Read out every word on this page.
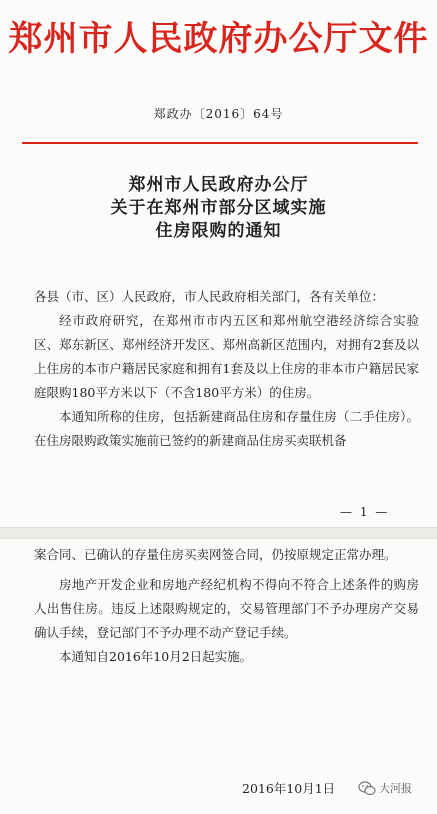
郑州市人民政府办公厅文件
郑政办〔2016〕64号
郑州市人民政府办公厅
关于在郑州市部分区域实施
住房限购的通知

各县（市、区）人民政府，市人民政府相关部门，各有关单位：

经市政府研究，在郑州市市内五区和郑州航空港经济综合实验区、郑东新区、郑州经济开发区、郑州高新区范围内，对拥有2套及以上住房的本市户籍居民家庭和拥有1套及以上住房的非本市户籍居民家庭限购180平方米以下（不含180平方米）的住房。

本通知所称的住房，包括新建商品住房和存量住房（二手住房）。在住房限购政策实施前已签约的新建商品住房买卖联机备

— 1 —

案合同、已确认的存量住房买卖网签合同，仍按原规定正常办理。

房地产开发企业和房地产经纪机构不得向不符合上述条件的购房人出售住房。违反上述限购规定的，交易管理部门不予办理房产交易确认手续，登记部门不予办理不动产登记手续。

本通知自2016年10月2日起实施。

2016年10月1日	大河报
